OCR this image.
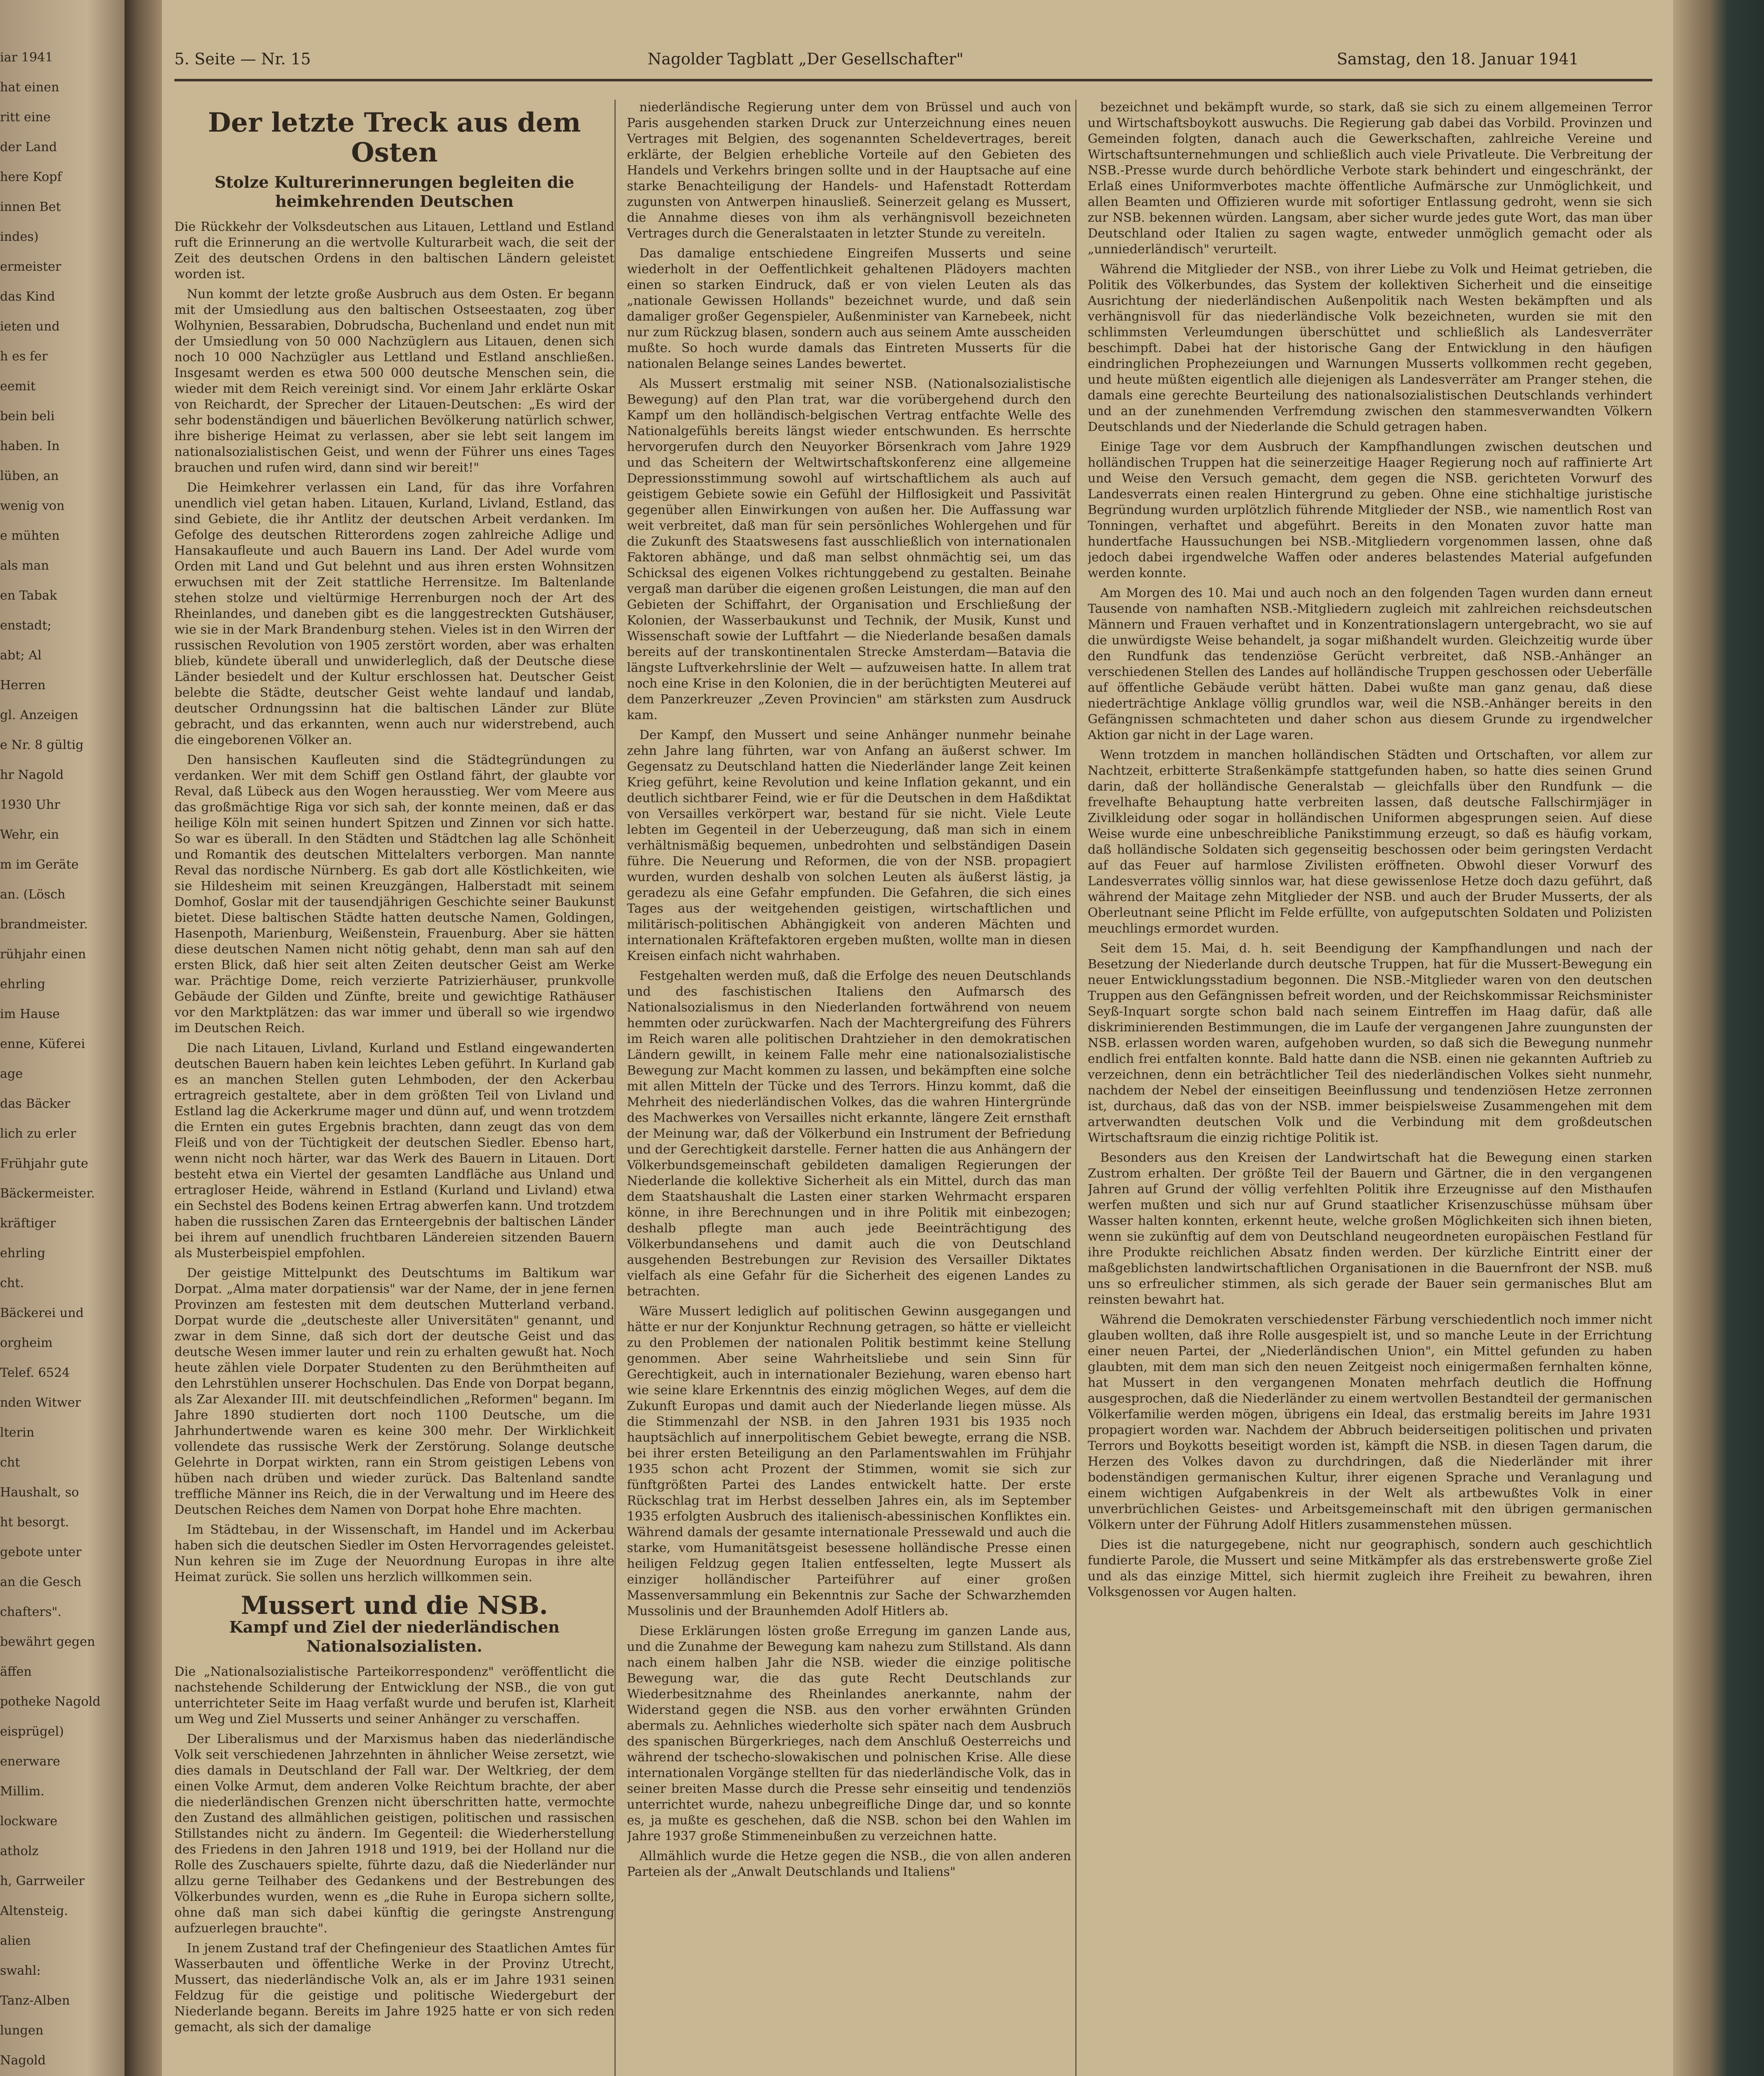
iar 1941
hat einen
ritt eine
der Land
here Kopf
innen Bet
indes)
ermeister
das Kind
ieten und
h es fer
eemit
bein beli
haben. In
lüben, an
wenig von
e mühten
als man
en Tabak
enstadt;
abt; Al
Herren
gl. Anzeigen
e Nr. 8 gültig
hr Nagold
1930 Uhr
Wehr, ein
m im Geräte
an. (Lösch
brandmeister.
rühjahr einen
ehrling
im Hause
enne, Küferei
age
das Bäcker
lich zu erler
Frühjahr gute
Bäckermeister.
kräftiger
ehrling
cht.
Bäckerei und
orgheim
Telef. 6524
nden Witwer
lterin
cht
Haushalt, so
ht besorgt.
gebote unter
an die Gesch
chafters".
bewährt gegen
äffen
potheke Nagold
eisprügel)
enerware
Millim.
lockware
atholz
h, Garrweiler
Altensteig.
alien
swahl:
Tanz-Alben
lungen
Nagold
5. Seite — Nr. 15	Nagolder Tagblatt „Der Gesellschafter"	Samstag, den 18. Januar 1941
Der letzte Treck aus dem Osten
Stolze Kulturerinnerungen begleiten die heimkehrenden Deutschen

Die Rückkehr der Volksdeutschen aus Litauen, Lettland und Estland ruft die Erinnerung an die wertvolle Kulturarbeit wach, die seit der Zeit des deutschen Ordens in den baltischen Ländern geleistet worden ist.

Nun kommt der letzte große Ausbruch aus dem Osten. Er begann mit der Umsiedlung aus den baltischen Ostseestaaten, zog über Wolhynien, Bessarabien, Dobrudscha, Buchenland und endet nun mit der Umsiedlung von 50 000 Nachzüglern aus Litauen, denen sich noch 10 000 Nachzügler aus Lettland und Estland anschließen. Insgesamt werden es etwa 500 000 deutsche Menschen sein, die wieder mit dem Reich vereinigt sind. Vor einem Jahr erklärte Oskar von Reichardt, der Sprecher der Litauen-Deutschen: „Es wird der sehr bodenständigen und bäuerlichen Bevölkerung natürlich schwer, ihre bisherige Heimat zu verlassen, aber sie lebt seit langem im nationalsozialistischen Geist, und wenn der Führer uns eines Tages brauchen und rufen wird, dann sind wir bereit!"

Die Heimkehrer verlassen ein Land, für das ihre Vorfahren unendlich viel getan haben. Litauen, Kurland, Livland, Estland, das sind Gebiete, die ihr Antlitz der deutschen Arbeit verdanken. Im Gefolge des deutschen Ritterordens zogen zahlreiche Adlige und Hansakaufleute und auch Bauern ins Land. Der Adel wurde vom Orden mit Land und Gut belehnt und aus ihren ersten Wohnsitzen erwuchsen mit der Zeit stattliche Herrensitze. Im Baltenlande stehen stolze und vieltürmige Herrenburgen noch der Art des Rheinlandes, und daneben gibt es die langgestreckten Gutshäuser, wie sie in der Mark Brandenburg stehen. Vieles ist in den Wirren der russischen Revolution von 1905 zerstört worden, aber was erhalten blieb, kündete überall und unwiderleglich, daß der Deutsche diese Länder besiedelt und der Kultur erschlossen hat. Deutscher Geist belebte die Städte, deutscher Geist wehte landauf und landab, deutscher Ordnungssinn hat die baltischen Länder zur Blüte gebracht, und das erkannten, wenn auch nur widerstrebend, auch die eingeborenen Völker an.

Den hansischen Kaufleuten sind die Städtegründungen zu verdanken. Wer mit dem Schiff gen Ostland fährt, der glaubte vor Reval, daß Lübeck aus den Wogen herausstieg. Wer vom Meere aus das großmächtige Riga vor sich sah, der konnte meinen, daß er das heilige Köln mit seinen hundert Spitzen und Zinnen vor sich hatte. So war es überall. In den Städten und Städtchen lag alle Schönheit und Romantik des deutschen Mittelalters verborgen. Man nannte Reval das nordische Nürnberg. Es gab dort alle Köstlichkeiten, wie sie Hildesheim mit seinen Kreuzgängen, Halberstadt mit seinem Domhof, Goslar mit der tausendjährigen Geschichte seiner Baukunst bietet. Diese baltischen Städte hatten deutsche Namen, Goldingen, Hasenpoth, Marienburg, Weißenstein, Frauenburg. Aber sie hätten diese deutschen Namen nicht nötig gehabt, denn man sah auf den ersten Blick, daß hier seit alten Zeiten deutscher Geist am Werke war. Prächtige Dome, reich verzierte Patrizierhäuser, prunkvolle Gebäude der Gilden und Zünfte, breite und gewichtige Rathäuser vor den Marktplätzen: das war immer und überall so wie irgendwo im Deutschen Reich.

Die nach Litauen, Livland, Kurland und Estland eingewanderten deutschen Bauern haben kein leichtes Leben geführt. In Kurland gab es an manchen Stellen guten Lehmboden, der den Ackerbau ertragreich gestaltete, aber in dem größten Teil von Livland und Estland lag die Ackerkrume mager und dünn auf, und wenn trotzdem die Ernten ein gutes Ergebnis brachten, dann zeugt das von dem Fleiß und von der Tüchtigkeit der deutschen Siedler. Ebenso hart, wenn nicht noch härter, war das Werk des Bauern in Litauen. Dort besteht etwa ein Viertel der gesamten Landfläche aus Unland und ertragloser Heide, während in Estland (Kurland und Livland) etwa ein Sechstel des Bodens keinen Ertrag abwerfen kann. Und trotzdem haben die russischen Zaren das Ernteergebnis der baltischen Länder bei ihrem auf unendlich fruchtbaren Ländereien sitzenden Bauern als Musterbeispiel empfohlen.

Der geistige Mittelpunkt des Deutschtums im Baltikum war Dorpat. „Alma mater dorpatiensis" war der Name, der in jene fernen Provinzen am festesten mit dem deutschen Mutterland verband. Dorpat wurde die „deutscheste aller Universitäten" genannt, und zwar in dem Sinne, daß sich dort der deutsche Geist und das deutsche Wesen immer lauter und rein zu erhalten gewußt hat. Noch heute zählen viele Dorpater Studenten zu den Berühmtheiten auf den Lehrstühlen unserer Hochschulen. Das Ende von Dorpat begann, als Zar Alexander III. mit deutschfeindlichen „Reformen" begann. Im Jahre 1890 studierten dort noch 1100 Deutsche, um die Jahrhundertwende waren es keine 300 mehr. Der Wirklichkeit vollendete das russische Werk der Zerstörung. Solange deutsche Gelehrte in Dorpat wirkten, rann ein Strom geistigen Lebens von hüben nach drüben und wieder zurück. Das Baltenland sandte treffliche Männer ins Reich, die in der Verwaltung und im Heere des Deutschen Reiches dem Namen von Dorpat hohe Ehre machten.

Im Städtebau, in der Wissenschaft, im Handel und im Ackerbau haben sich die deutschen Siedler im Osten Hervorragendes geleistet. Nun kehren sie im Zuge der Neuordnung Europas in ihre alte Heimat zurück. Sie sollen uns herzlich willkommen sein.

Mussert und die NSB.
Kampf und Ziel der niederländischen Nationalsozialisten.

Die „Nationalsozialistische Parteikorrespondenz" veröffentlicht die nachstehende Schilderung der Entwicklung der NSB., die von gut unterrichteter Seite im Haag verfaßt wurde und berufen ist, Klarheit um Weg und Ziel Musserts und seiner Anhänger zu verschaffen.

Der Liberalismus und der Marxismus haben das niederländische Volk seit verschiedenen Jahrzehnten in ähnlicher Weise zersetzt, wie dies damals in Deutschland der Fall war. Der Weltkrieg, der dem einen Volke Armut, dem anderen Volke Reichtum brachte, der aber die niederländischen Grenzen nicht überschritten hatte, vermochte den Zustand des allmählichen geistigen, politischen und rassischen Stillstandes nicht zu ändern. Im Gegenteil: die Wiederherstellung des Friedens in den Jahren 1918 und 1919, bei der Holland nur die Rolle des Zuschauers spielte, führte dazu, daß die Niederländer nur allzu gerne Teilhaber des Gedankens und der Bestrebungen des Völkerbundes wurden, wenn es „die Ruhe in Europa sichern sollte, ohne daß man sich dabei künftig die geringste Anstrengung aufzuerlegen brauchte".

In jenem Zustand traf der Chefingenieur des Staatlichen Amtes für Wasserbauten und öffentliche Werke in der Provinz Utrecht, Mussert, das niederländische Volk an, als er im Jahre 1931 seinen Feldzug für die geistige und politische Wiedergeburt der Niederlande begann. Bereits im Jahre 1925 hatte er von sich reden gemacht, als sich der damalige

niederländische Regierung unter dem von Brüssel und auch von Paris ausgehenden starken Druck zur Unterzeichnung eines neuen Vertrages mit Belgien, des sogenannten Scheldevertrages, bereit erklärte, der Belgien erhebliche Vorteile auf den Gebieten des Handels und Verkehrs bringen sollte und in der Hauptsache auf eine starke Benachteiligung der Handels- und Hafenstadt Rotterdam zugunsten von Antwerpen hinausließ. Seinerzeit gelang es Mussert, die Annahme dieses von ihm als verhängnisvoll bezeichneten Vertrages durch die Generalstaaten in letzter Stunde zu vereiteln.

Das damalige entschiedene Eingreifen Musserts und seine wiederholt in der Oeffentlichkeit gehaltenen Plädoyers machten einen so starken Eindruck, daß er von vielen Leuten als das „nationale Gewissen Hollands" bezeichnet wurde, und daß sein damaliger großer Gegenspieler, Außenminister van Karnebeek, nicht nur zum Rückzug blasen, sondern auch aus seinem Amte ausscheiden mußte. So hoch wurde damals das Eintreten Musserts für die nationalen Belange seines Landes bewertet.

Als Mussert erstmalig mit seiner NSB. (Nationalsozialistische Bewegung) auf den Plan trat, war die vorübergehend durch den Kampf um den holländisch-belgischen Vertrag entfachte Welle des Nationalgefühls bereits längst wieder entschwunden. Es herrschte hervorgerufen durch den Neuyorker Börsenkrach vom Jahre 1929 und das Scheitern der Weltwirtschaftskonferenz eine allgemeine Depressionsstimmung sowohl auf wirtschaftlichem als auch auf geistigem Gebiete sowie ein Gefühl der Hilflosigkeit und Passivität gegenüber allen Einwirkungen von außen her. Die Auffassung war weit verbreitet, daß man für sein persönliches Wohlergehen und für die Zukunft des Staatswesens fast ausschließlich von internationalen Faktoren abhänge, und daß man selbst ohnmächtig sei, um das Schicksal des eigenen Volkes richtunggebend zu gestalten. Beinahe vergaß man darüber die eigenen großen Leistungen, die man auf den Gebieten der Schiffahrt, der Organisation und Erschließung der Kolonien, der Wasserbaukunst und Technik, der Musik, Kunst und Wissenschaft sowie der Luftfahrt — die Niederlande besaßen damals bereits auf der transkontinentalen Strecke Amsterdam—Batavia die längste Luftverkehrslinie der Welt — aufzuweisen hatte. In allem trat noch eine Krise in den Kolonien, die in der berüchtigten Meuterei auf dem Panzerkreuzer „Zeven Provincien" am stärksten zum Ausdruck kam.

Der Kampf, den Mussert und seine Anhänger nunmehr beinahe zehn Jahre lang führten, war von Anfang an äußerst schwer. Im Gegensatz zu Deutschland hatten die Niederländer lange Zeit keinen Krieg geführt, keine Revolution und keine Inflation gekannt, und ein deutlich sichtbarer Feind, wie er für die Deutschen in dem Haßdiktat von Versailles verkörpert war, bestand für sie nicht. Viele Leute lebten im Gegenteil in der Ueberzeugung, daß man sich in einem verhältnismäßig bequemen, unbedrohten und selbständigen Dasein führe. Die Neuerung und Reformen, die von der NSB. propagiert wurden, wurden deshalb von solchen Leuten als äußerst lästig, ja geradezu als eine Gefahr empfunden. Die Gefahren, die sich eines Tages aus der weitgehenden geistigen, wirtschaftlichen und militärisch-politischen Abhängigkeit von anderen Mächten und internationalen Kräftefaktoren ergeben mußten, wollte man in diesen Kreisen einfach nicht wahrhaben.

Festgehalten werden muß, daß die Erfolge des neuen Deutschlands und des faschistischen Italiens den Aufmarsch des Nationalsozialismus in den Niederlanden fortwährend von neuem hemmten oder zurückwarfen. Nach der Machtergreifung des Führers im Reich waren alle politischen Drahtzieher in den demokratischen Ländern gewillt, in keinem Falle mehr eine nationalsozialistische Bewegung zur Macht kommen zu lassen, und bekämpften eine solche mit allen Mitteln der Tücke und des Terrors. Hinzu kommt, daß die Mehrheit des niederländischen Volkes, das die wahren Hintergründe des Machwerkes von Versailles nicht erkannte, längere Zeit ernsthaft der Meinung war, daß der Völkerbund ein Instrument der Befriedung und der Gerechtigkeit darstelle. Ferner hatten die aus Anhängern der Völkerbundsgemeinschaft gebildeten damaligen Regierungen der Niederlande die kollektive Sicherheit als ein Mittel, durch das man dem Staatshaushalt die Lasten einer starken Wehrmacht ersparen könne, in ihre Berechnungen und in ihre Politik mit einbezogen; deshalb pflegte man auch jede Beeinträchtigung des Völkerbundansehens und damit auch die von Deutschland ausgehenden Bestrebungen zur Revision des Versailler Diktates vielfach als eine Gefahr für die Sicherheit des eigenen Landes zu betrachten.

Wäre Mussert lediglich auf politischen Gewinn ausgegangen und hätte er nur der Konjunktur Rechnung getragen, so hätte er vielleicht zu den Problemen der nationalen Politik bestimmt keine Stellung genommen. Aber seine Wahrheitsliebe und sein Sinn für Gerechtigkeit, auch in internationaler Beziehung, waren ebenso hart wie seine klare Erkenntnis des einzig möglichen Weges, auf dem die Zukunft Europas und damit auch der Niederlande liegen müsse. Als die Stimmenzahl der NSB. in den Jahren 1931 bis 1935 noch hauptsächlich auf innerpolitischem Gebiet bewegte, errang die NSB. bei ihrer ersten Beteiligung an den Parlamentswahlen im Frühjahr 1935 schon acht Prozent der Stimmen, womit sie sich zur fünftgrößten Partei des Landes entwickelt hatte. Der erste Rückschlag trat im Herbst desselben Jahres ein, als im September 1935 erfolgten Ausbruch des italienisch-abessinischen Konfliktes ein. Während damals der gesamte internationale Pressewald und auch die starke, vom Humanitätsgeist besessene holländische Presse einen heiligen Feldzug gegen Italien entfesselten, legte Mussert als einziger holländischer Parteiführer auf einer großen Massenversammlung ein Bekenntnis zur Sache der Schwarzhemden Mussolinis und der Braunhemden Adolf Hitlers ab.

Diese Erklärungen lösten große Erregung im ganzen Lande aus, und die Zunahme der Bewegung kam nahezu zum Stillstand. Als dann nach einem halben Jahr die NSB. wieder die einzige politische Bewegung war, die das gute Recht Deutschlands zur Wiederbesitznahme des Rheinlandes anerkannte, nahm der Widerstand gegen die NSB. aus den vorher erwähnten Gründen abermals zu. Aehnliches wiederholte sich später nach dem Ausbruch des spanischen Bürgerkrieges, nach dem Anschluß Oesterreichs und während der tschecho-slowakischen und polnischen Krise. Alle diese internationalen Vorgänge stellten für das niederländische Volk, das in seiner breiten Masse durch die Presse sehr einseitig und tendenziös unterrichtet wurde, nahezu unbegreifliche Dinge dar, und so konnte es, ja mußte es geschehen, daß die NSB. schon bei den Wahlen im Jahre 1937 große Stimmeneinbußen zu verzeichnen hatte.

Allmählich wurde die Hetze gegen die NSB., die von allen anderen Parteien als der „Anwalt Deutschlands und Italiens"

bezeichnet und bekämpft wurde, so stark, daß sie sich zu einem allgemeinen Terror und Wirtschaftsboykott auswuchs. Die Regierung gab dabei das Vorbild. Provinzen und Gemeinden folgten, danach auch die Gewerkschaften, zahlreiche Vereine und Wirtschaftsunternehmungen und schließlich auch viele Privatleute. Die Verbreitung der NSB.-Presse wurde durch behördliche Verbote stark behindert und eingeschränkt, der Erlaß eines Uniformverbotes machte öffentliche Aufmärsche zur Unmöglichkeit, und allen Beamten und Offizieren wurde mit sofortiger Entlassung gedroht, wenn sie sich zur NSB. bekennen würden. Langsam, aber sicher wurde jedes gute Wort, das man über Deutschland oder Italien zu sagen wagte, entweder unmöglich gemacht oder als „unniederländisch" verurteilt.

Während die Mitglieder der NSB., von ihrer Liebe zu Volk und Heimat getrieben, die Politik des Völkerbundes, das System der kollektiven Sicherheit und die einseitige Ausrichtung der niederländischen Außenpolitik nach Westen bekämpften und als verhängnisvoll für das niederländische Volk bezeichneten, wurden sie mit den schlimmsten Verleumdungen überschüttet und schließlich als Landesverräter beschimpft. Dabei hat der historische Gang der Entwicklung in den häufigen eindringlichen Prophezeiungen und Warnungen Musserts vollkommen recht gegeben, und heute müßten eigentlich alle diejenigen als Landesverräter am Pranger stehen, die damals eine gerechte Beurteilung des nationalsozialistischen Deutschlands verhindert und an der zunehmenden Verfremdung zwischen den stammesverwandten Völkern Deutschlands und der Niederlande die Schuld getragen haben.

Einige Tage vor dem Ausbruch der Kampfhandlungen zwischen deutschen und holländischen Truppen hat die seinerzeitige Haager Regierung noch auf raffinierte Art und Weise den Versuch gemacht, dem gegen die NSB. gerichteten Vorwurf des Landesverrats einen realen Hintergrund zu geben. Ohne eine stichhaltige juristische Begründung wurden urplötzlich führende Mitglieder der NSB., wie namentlich Rost van Tonningen, verhaftet und abgeführt. Bereits in den Monaten zuvor hatte man hundertfache Haussuchungen bei NSB.-Mitgliedern vorgenommen lassen, ohne daß jedoch dabei irgendwelche Waffen oder anderes belastendes Material aufgefunden werden konnte.

Am Morgen des 10. Mai und auch noch an den folgenden Tagen wurden dann erneut Tausende von namhaften NSB.-Mitgliedern zugleich mit zahlreichen reichsdeutschen Männern und Frauen verhaftet und in Konzentrationslagern untergebracht, wo sie auf die unwürdigste Weise behandelt, ja sogar mißhandelt wurden. Gleichzeitig wurde über den Rundfunk das tendenziöse Gerücht verbreitet, daß NSB.-Anhänger an verschiedenen Stellen des Landes auf holländische Truppen geschossen oder Ueberfälle auf öffentliche Gebäude verübt hätten. Dabei wußte man ganz genau, daß diese niederträchtige Anklage völlig grundlos war, weil die NSB.-Anhänger bereits in den Gefängnissen schmachteten und daher schon aus diesem Grunde zu irgendwelcher Aktion gar nicht in der Lage waren.

Wenn trotzdem in manchen holländischen Städten und Ortschaften, vor allem zur Nachtzeit, erbitterte Straßenkämpfe stattgefunden haben, so hatte dies seinen Grund darin, daß der holländische Generalstab — gleichfalls über den Rundfunk — die frevelhafte Behauptung hatte verbreiten lassen, daß deutsche Fallschirmjäger in Zivilkleidung oder sogar in holländischen Uniformen abgesprungen seien. Auf diese Weise wurde eine unbeschreibliche Panikstimmung erzeugt, so daß es häufig vorkam, daß holländische Soldaten sich gegenseitig beschossen oder beim geringsten Verdacht auf das Feuer auf harmlose Zivilisten eröffneten. Obwohl dieser Vorwurf des Landesverrates völlig sinnlos war, hat diese gewissenlose Hetze doch dazu geführt, daß während der Maitage zehn Mitglieder der NSB. und auch der Bruder Musserts, der als Oberleutnant seine Pflicht im Felde erfüllte, von aufgeputschten Soldaten und Polizisten meuchlings ermordet wurden.

Seit dem 15. Mai, d. h. seit Beendigung der Kampfhandlungen und nach der Besetzung der Niederlande durch deutsche Truppen, hat für die Mussert-Bewegung ein neuer Entwicklungsstadium begonnen. Die NSB.-Mitglieder waren von den deutschen Truppen aus den Gefängnissen befreit worden, und der Reichskommissar Reichsminister Seyß-Inquart sorgte schon bald nach seinem Eintreffen im Haag dafür, daß alle diskriminierenden Bestimmungen, die im Laufe der vergangenen Jahre zuungunsten der NSB. erlassen worden waren, aufgehoben wurden, so daß sich die Bewegung nunmehr endlich frei entfalten konnte. Bald hatte dann die NSB. einen nie gekannten Auftrieb zu verzeichnen, denn ein beträchtlicher Teil des niederländischen Volkes sieht nunmehr, nachdem der Nebel der einseitigen Beeinflussung und tendenziösen Hetze zerronnen ist, durchaus, daß das von der NSB. immer beispielsweise Zusammengehen mit dem artverwandten deutschen Volk und die Verbindung mit dem großdeutschen Wirtschaftsraum die einzig richtige Politik ist.

Besonders aus den Kreisen der Landwirtschaft hat die Bewegung einen starken Zustrom erhalten. Der größte Teil der Bauern und Gärtner, die in den vergangenen Jahren auf Grund der völlig verfehlten Politik ihre Erzeugnisse auf den Misthaufen werfen mußten und sich nur auf Grund staatlicher Krisenzuschüsse mühsam über Wasser halten konnten, erkennt heute, welche großen Möglichkeiten sich ihnen bieten, wenn sie zukünftig auf dem von Deutschland neugeordneten europäischen Festland für ihre Produkte reichlichen Absatz finden werden. Der kürzliche Eintritt einer der maßgeblichsten landwirtschaftlichen Organisationen in die Bauernfront der NSB. muß uns so erfreulicher stimmen, als sich gerade der Bauer sein germanisches Blut am reinsten bewahrt hat.

Während die Demokraten verschiedenster Färbung verschiedentlich noch immer nicht glauben wollten, daß ihre Rolle ausgespielt ist, und so manche Leute in der Errichtung einer neuen Partei, der „Niederländischen Union", ein Mittel gefunden zu haben glaubten, mit dem man sich den neuen Zeitgeist noch einigermaßen fernhalten könne, hat Mussert in den vergangenen Monaten mehrfach deutlich die Hoffnung ausgesprochen, daß die Niederländer zu einem wertvollen Bestandteil der germanischen Völkerfamilie werden mögen, übrigens ein Ideal, das erstmalig bereits im Jahre 1931 propagiert worden war. Nachdem der Abbruch beiderseitigen politischen und privaten Terrors und Boykotts beseitigt worden ist, kämpft die NSB. in diesen Tagen darum, die Herzen des Volkes davon zu durchdringen, daß die Niederländer mit ihrer bodenständigen germanischen Kultur, ihrer eigenen Sprache und Veranlagung und einem wichtigen Aufgabenkreis in der Welt als artbewußtes Volk in einer unverbrüchlichen Geistes- und Arbeitsgemeinschaft mit den übrigen germanischen Völkern unter der Führung Adolf Hitlers zusammenstehen müssen.

Dies ist die naturgegebene, nicht nur geographisch, sondern auch geschichtlich fundierte Parole, die Mussert und seine Mitkämpfer als das erstrebenswerte große Ziel und als das einzige Mittel, sich hiermit zugleich ihre Freiheit zu bewahren, ihren Volksgenossen vor Augen halten.
